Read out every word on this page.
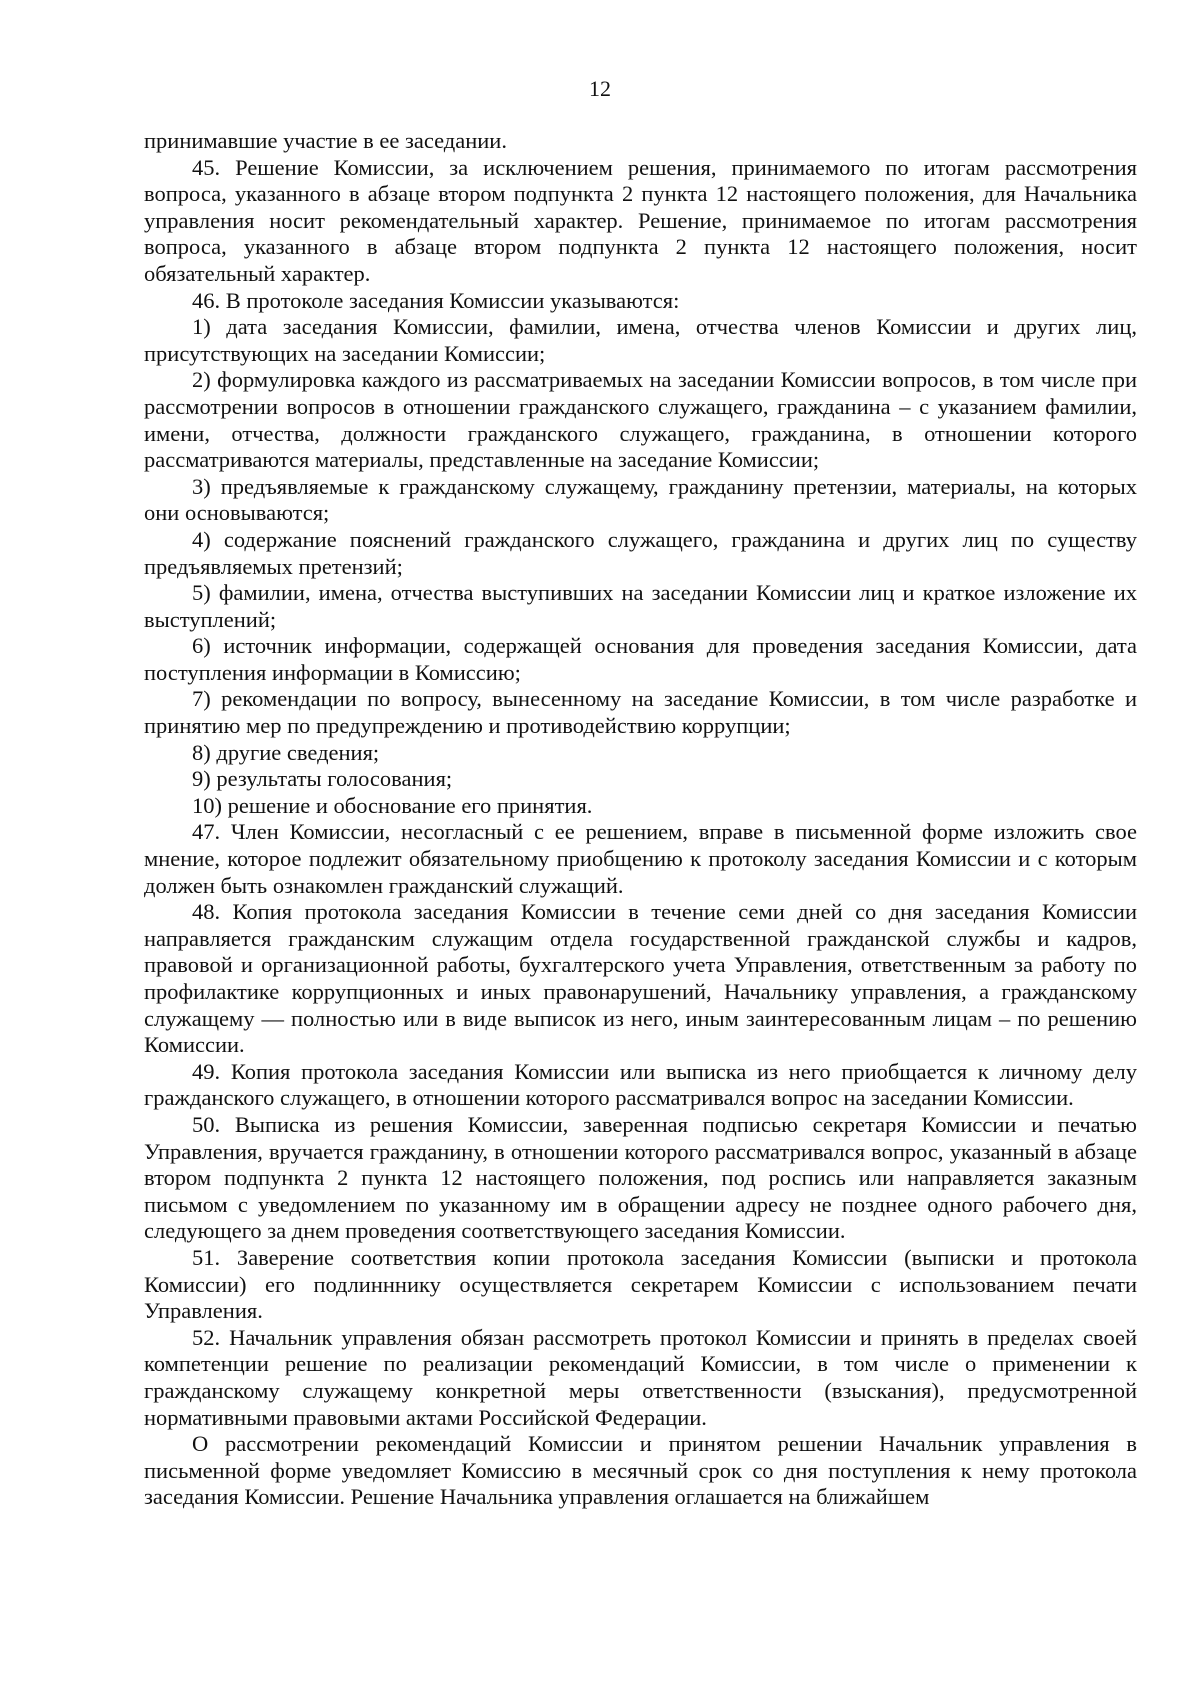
12

принимавшие участие в ее заседании.

45. Решение Комиссии, за исключением решения, принимаемого по итогам рассмотрения вопроса, указанного в абзаце втором подпункта 2 пункта 12 настоящего положения, для Начальника управления носит рекомендательный характер. Решение, принимаемое по итогам рассмотрения вопроса, указанного в абзаце втором подпункта 2 пункта 12 настоящего положения, носит обязательный характер.

46. В протоколе заседания Комиссии указываются:

1) дата заседания Комиссии, фамилии, имена, отчества членов Комиссии и других лиц, присутствующих на заседании Комиссии;

2) формулировка каждого из рассматриваемых на заседании Комиссии вопросов, в том числе при рассмотрении вопросов в отношении гражданского служащего, гражданина – с указанием фамилии, имени, отчества, должности гражданского служащего, гражданина, в отношении которого рассматриваются материалы, представленные на заседание Комиссии;

3) предъявляемые к гражданскому служащему, гражданину претензии, материалы, на которых они основываются;

4) содержание пояснений гражданского служащего, гражданина и других лиц по существу предъявляемых претензий;

5) фамилии, имена, отчества выступивших на заседании Комиссии лиц и краткое изложение их выступлений;

6) источник информации, содержащей основания для проведения заседания Комиссии, дата поступления информации в Комиссию;

7) рекомендации по вопросу, вынесенному на заседание Комиссии, в том числе разработке и принятию мер по предупреждению и противодействию коррупции;

8) другие сведения;

9) результаты голосования;

10) решение и обоснование его принятия.

47. Член Комиссии, несогласный с ее решением, вправе в письменной форме изложить свое мнение, которое подлежит обязательному приобщению к протоколу заседания Комиссии и с которым должен быть ознакомлен гражданский служащий.

48. Копия протокола заседания Комиссии в течение семи дней со дня заседания Комиссии направляется гражданским служащим отдела государственной гражданской службы и кадров, правовой и организационной работы, бухгалтерского учета Управления, ответственным за работу по профилактике коррупционных и иных правонарушений, Начальнику управления, а гражданскому служащему — полностью или в виде выписок из него, иным заинтересованным лицам – по решению Комиссии.

49. Копия протокола заседания Комиссии или выписка из него приобщается к личному делу гражданского служащего, в отношении которого рассматривался вопрос на заседании Комиссии.

50. Выписка из решения Комиссии, заверенная подписью секретаря Комиссии и печатью Управления, вручается гражданину, в отношении которого рассматривался вопрос, указанный в абзаце втором подпункта 2 пункта 12 настоящего положения, под роспись или направляется заказным письмом с уведомлением по указанному им в обращении адресу не позднее одного рабочего дня, следующего за днем проведения соответствующего заседания Комиссии.

51. Заверение соответствия копии протокола заседания Комиссии (выписки и протокола Комиссии) его подлинннику осуществляется секретарем Комиссии с использованием печати Управления.

52. Начальник управления обязан рассмотреть протокол Комиссии и принять в пределах своей компетенции решение по реализации рекомендаций Комиссии, в том числе о применении к гражданскому служащему конкретной меры ответственности (взыскания), предусмотренной нормативными правовыми актами Российской Федерации.

О рассмотрении рекомендаций Комиссии и принятом решении Начальник управления в письменной форме уведомляет Комиссию в месячный срок со дня поступления к нему протокола заседания Комиссии. Решение Начальника управления оглашается на ближайшем
